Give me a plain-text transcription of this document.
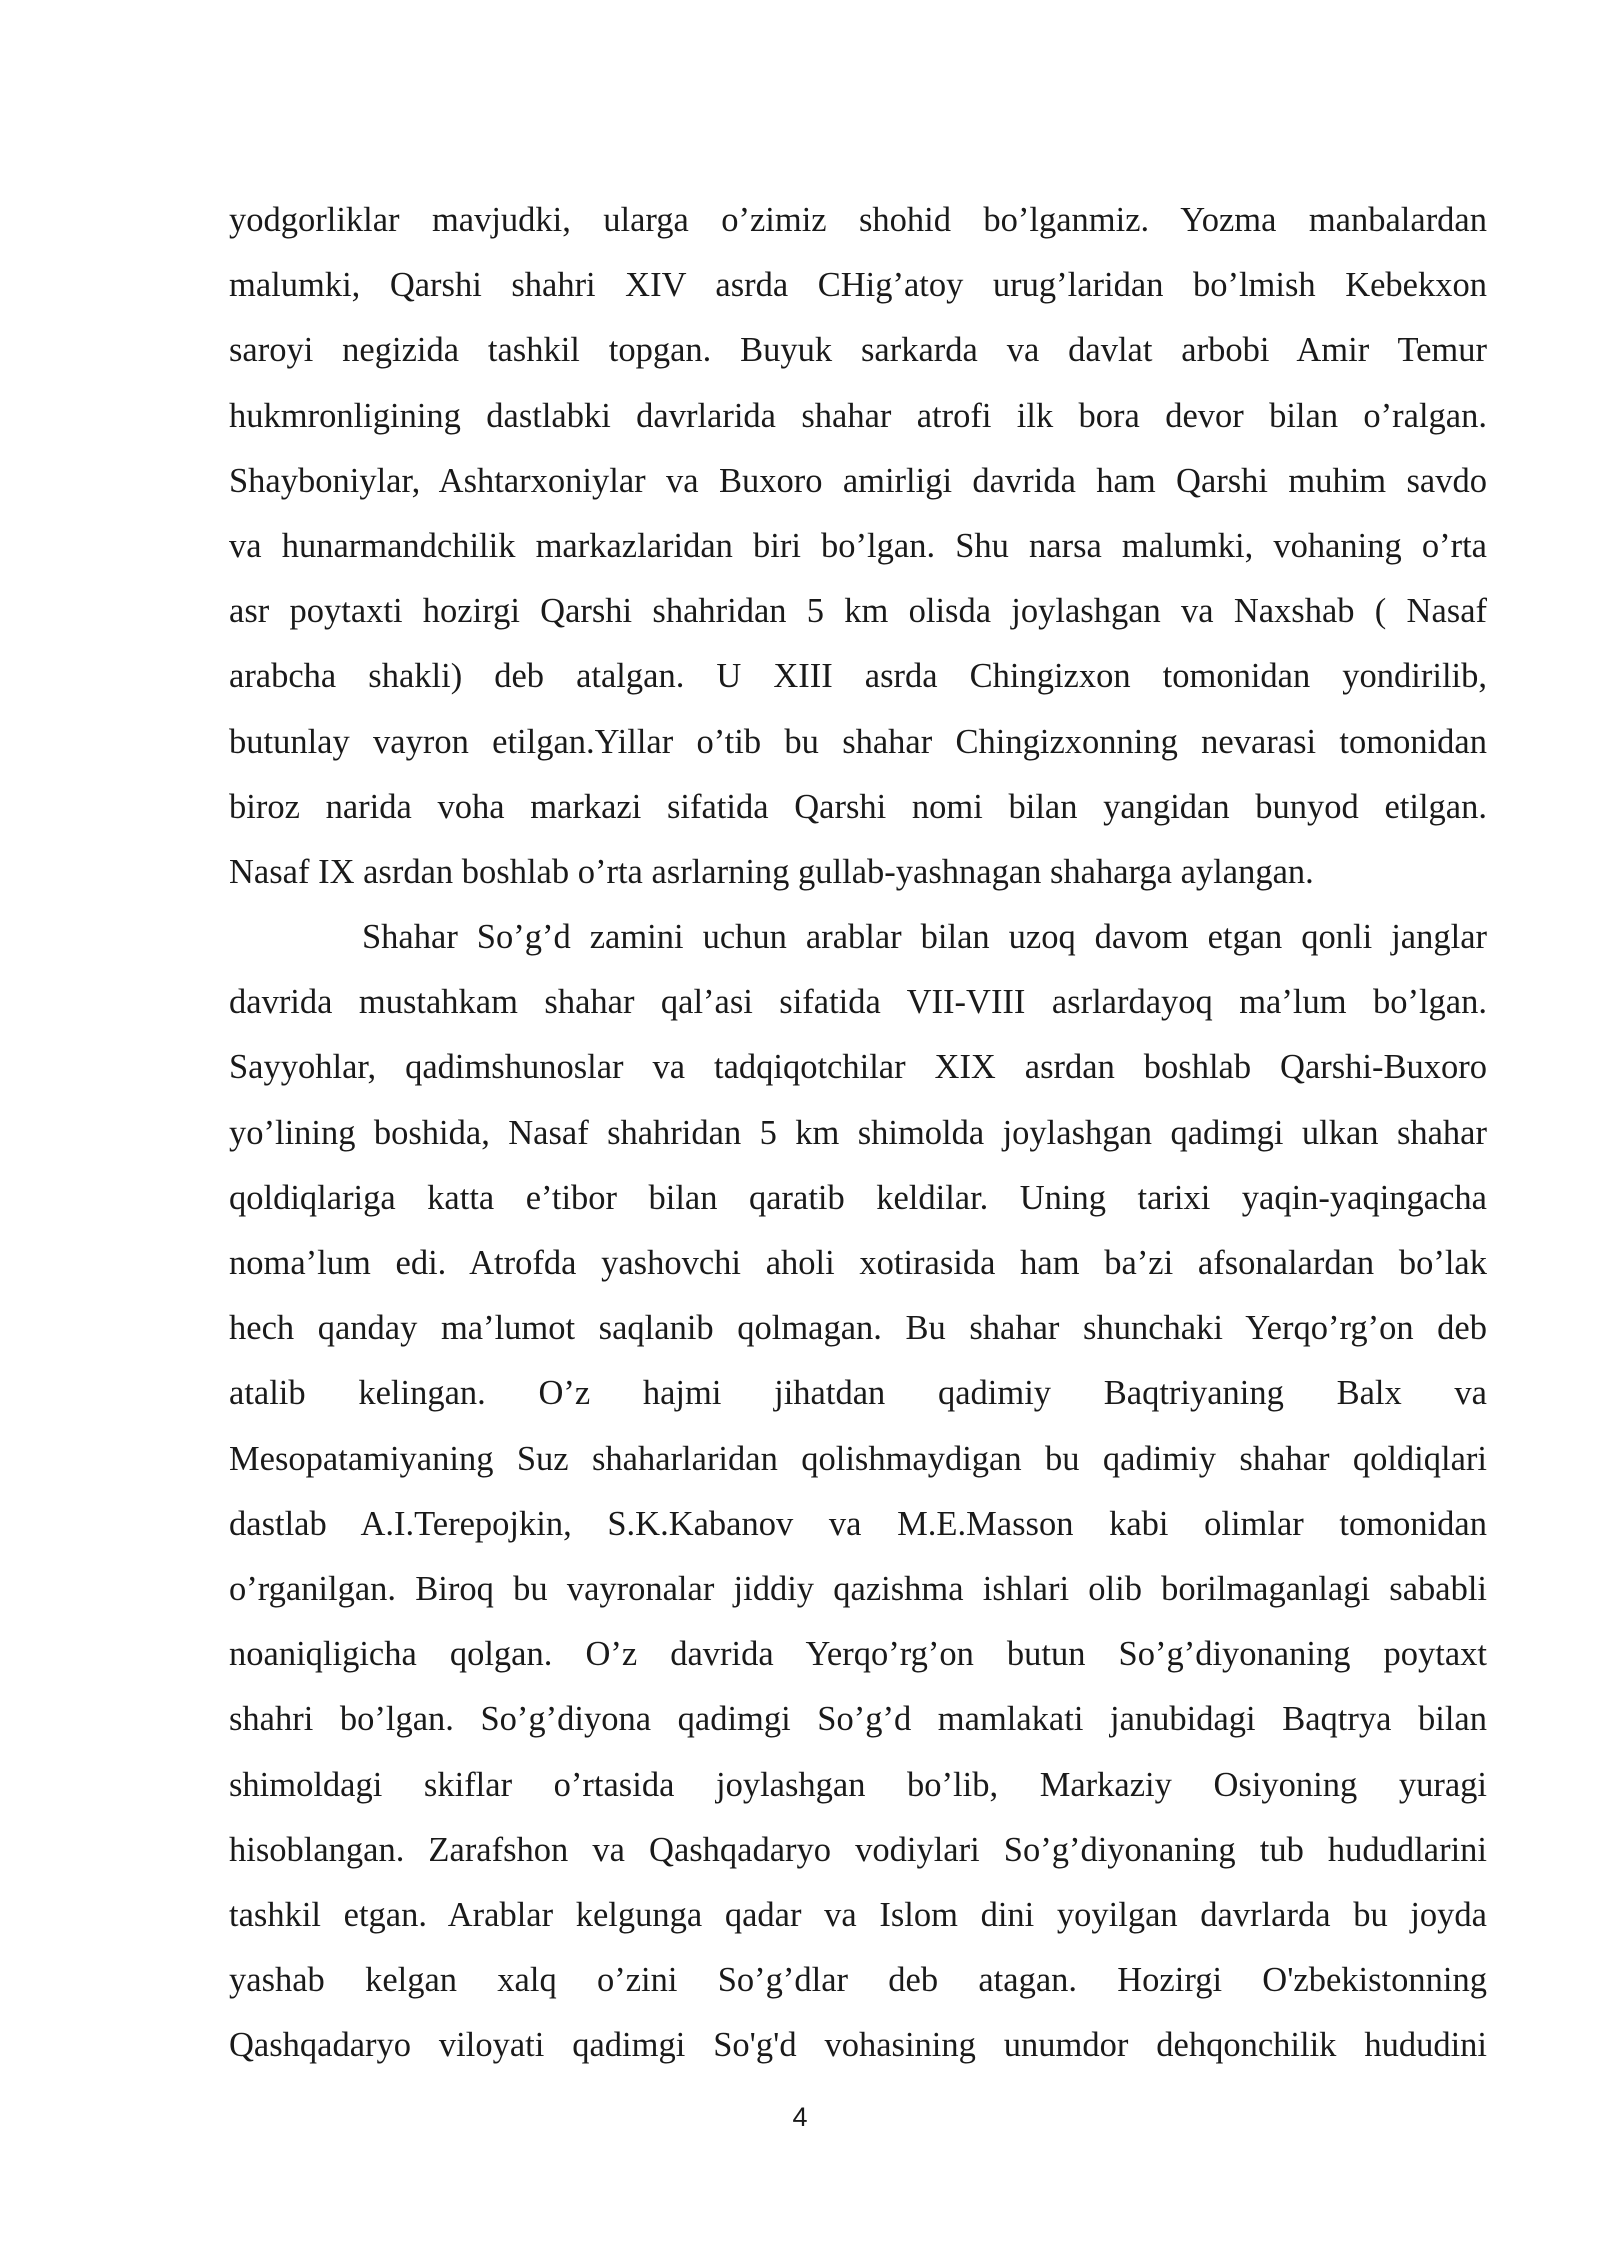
yodgorliklar mavjudki, ularga o’zimiz shohid bo’lganmiz. Yozma manbalardan
malumki, Qarshi shahri XIV asrda CHig’atoy urug’laridan bo’lmish Kebekxon
saroyi negizida tashkil topgan. Buyuk sarkarda va davlat arbobi Amir Temur
hukmronligining dastlabki davrlarida shahar atrofi ilk bora devor bilan o’ralgan.
Shayboniylar, Ashtarxoniylar va Buxoro amirligi davrida ham Qarshi muhim savdo
va hunarmandchilik markazlaridan biri bo’lgan. Shu narsa malumki, vohaning o’rta
asr poytaxti hozirgi Qarshi shahridan 5 km olisda joylashgan va Naxshab ( Nasaf
arabcha shakli) deb atalgan. U XIII asrda Chingizxon tomonidan yondirilib,
butunlay vayron etilgan.Yillar o’tib bu shahar Chingizxonning nevarasi tomonidan
biroz narida voha markazi sifatida Qarshi nomi bilan yangidan bunyod etilgan.
Nasaf IX asrdan boshlab o’rta asrlarning gullab-yashnagan shaharga aylangan.
Shahar So’g’d zamini uchun arablar bilan uzoq davom etgan qonli janglar
davrida mustahkam shahar qal’asi sifatida VII-VIII asrlardayoq ma’lum bo’lgan.
Sayyohlar, qadimshunoslar va tadqiqotchilar XIX asrdan boshlab Qarshi-Buxoro
yo’lining boshida, Nasaf shahridan 5 km shimolda joylashgan qadimgi ulkan shahar
qoldiqlariga katta e’tibor bilan qaratib keldilar. Uning tarixi yaqin-yaqingacha
noma’lum edi. Atrofda yashovchi aholi xotirasida ham ba’zi afsonalardan bo’lak
hech qanday ma’lumot saqlanib qolmagan. Bu shahar shunchaki Yerqo’rg’on deb
atalib kelingan. O’z hajmi jihatdan qadimiy Baqtriyaning Balx va
Mesopatamiyaning Suz shaharlaridan qolishmaydigan bu qadimiy shahar qoldiqlari
dastlab A.I.Terepojkin, S.K.Kabanov va M.E.Masson kabi olimlar tomonidan
o’rganilgan. Biroq bu vayronalar jiddiy qazishma ishlari olib borilmaganlagi sababli
noaniqligicha qolgan. O’z davrida Yerqo’rg’on butun So’g’diyonaning poytaxt
shahri bo’lgan. So’g’diyona qadimgi So’g’d mamlakati janubidagi Baqtrya bilan
shimoldagi skiflar o’rtasida joylashgan bo’lib, Markaziy Osiyoning yuragi
hisoblangan. Zarafshon va Qashqadaryo vodiylari So’g’diyonaning tub hududlarini
tashkil etgan. Arablar kelgunga qadar va Islom dini yoyilgan davrlarda bu joyda
yashab kelgan xalq o’zini So’g’dlar deb atagan. Hozirgi O'zbekistonning
Qashqadaryo viloyati qadimgi So'g'd vohasining unumdor dehqonchilik hududini
4
